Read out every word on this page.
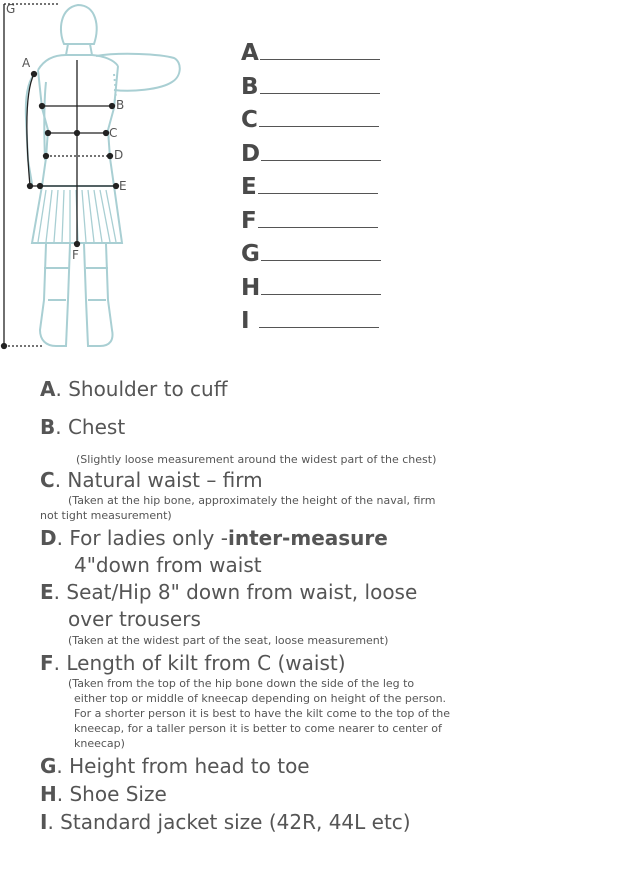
G
A
B
C
D
E
F
A
B
C
D
E
F
G
H
I
A. Shoulder to cuff
B. Chest
(Slightly loose measurement around the widest part of the chest)
C. Natural waist – firm
(Taken at the hip bone, approximately the height of the naval, firm
not tight measurement)
D. For ladies only -inter-measure
4"down from waist
E. Seat/Hip 8" down from waist, loose
over trousers
(Taken at the widest part of the seat, loose measurement)
F. Length of kilt from C (waist)
(Taken from the top of the hip bone down the side of the leg to
either top or middle of kneecap depending on height of the person.
For a shorter person it is best to have the kilt come to the top of the
kneecap, for a taller person it is better to come nearer to center of
kneecap)
G. Height from head to toe
H. Shoe Size
I. Standard jacket size (42R, 44L etc)
